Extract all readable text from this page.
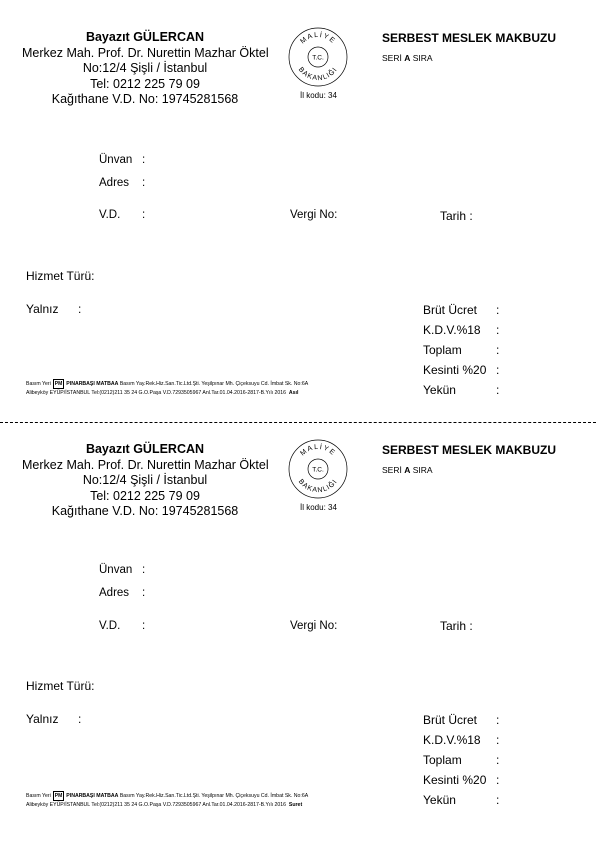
Bayazıt GÜLERCAN
Merkez Mah. Prof. Dr. Nurettin Mazhar Öktel
No:12/4 Şişli / İstanbul
Tel: 0212 225 79 09
Kağıthane V.D. No: 19745281568
MALİYE
BAKANLIĞI
T.C.
İl kodu: 34
SERBEST MESLEK MAKBUZU
SERİ A SIRA
Ünvan :
Adres :
V.D. :	Vergi No:	Tarih :
Hizmet Türü:
Yalnız :	Brüt Ücret :
K.D.V.%18 :
Toplam	:
Kesinti %20 :
Yekün	:
Basım Yeri PM PINARBAŞI MATBAA Basım Yay.Rek.Hiz.San.Tic.Ltd.Şti. Yeşilpınar Mh. Çiçeksuyu Cd. İmbat Sk. No:6A
Alibeyköy EYÜP/İSTANBUL Tel:(0212)211 35 24 G.O.Paşa V.D.7293505967 Anl.Tar.01.04.2016-2817-B.Yılı 2016 Asıl
Bayazıt GÜLERCAN
Merkez Mah. Prof. Dr. Nurettin Mazhar Öktel
No:12/4 Şişli / İstanbul
Tel: 0212 225 79 09
Kağıthane V.D. No: 19745281568
MALİYE
BAKANLIĞI
T.C.
İl kodu: 34
SERBEST MESLEK MAKBUZU
SERİ A SIRA
Ünvan :
Adres :
V.D. :	Vergi No:	Tarih :
Hizmet Türü:
Yalnız :	Brüt Ücret :
K.D.V.%18 :
Toplam	:
Kesinti %20 :
Yekün	:
Basım Yeri PM PINARBAŞI MATBAA Basım Yay.Rek.Hiz.San.Tic.Ltd.Şti. Yeşilpınar Mh. Çiçeksuyu Cd. İmbat Sk. No:6A
Alibeyköy EYÜP/İSTANBUL Tel:(0212)211 35 24 G.O.Paşa V.D.7293505967 Anl.Tar.01.04.2016-2817-B.Yılı 2016 Suret
